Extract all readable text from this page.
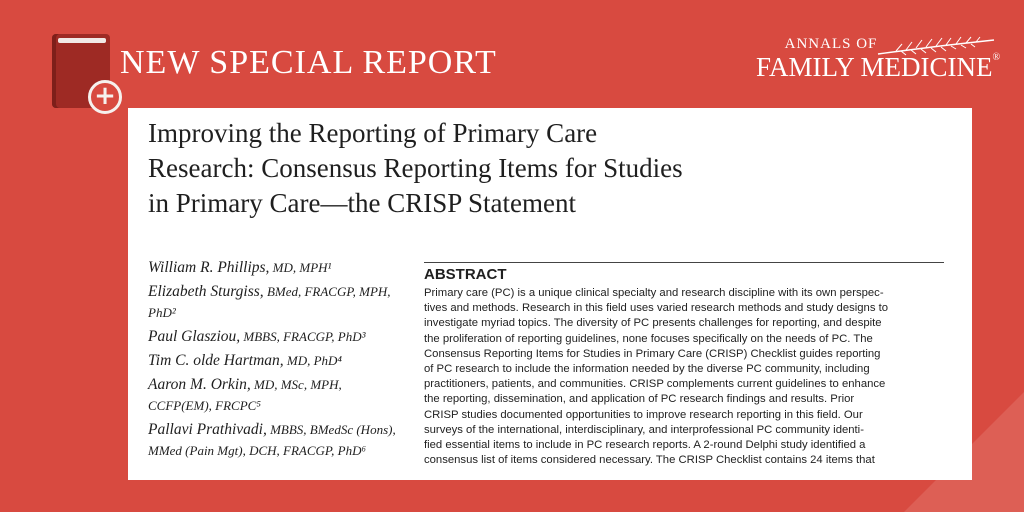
+
NEW SPECIAL REPORT	ANNALS OF
FAMILY MEDICINE®
Improving the Reporting of Primary Care
Research: Consensus Reporting Items for Studies
in Primary Care—the CRISP Statement
William R. Phillips, MD, MPH¹
Elizabeth Sturgiss, BMed, FRACGP, MPH, PhD²
Paul Glasziou, MBBS, FRACGP, PhD³
Tim C. olde Hartman, MD, PhD⁴
Aaron M. Orkin, MD, MSc, MPH, CCFP(EM), FRCPC⁵
Pallavi Prathivadi, MBBS, BMedSc (Hons), MMed (Pain Mgt), DCH, FRACGP, PhD⁶
ABSTRACT
Primary care (PC) is a unique clinical specialty and research discipline with its own perspec-
tives and methods. Research in this field uses varied research methods and study designs to
investigate myriad topics. The diversity of PC presents challenges for reporting, and despite
the proliferation of reporting guidelines, none focuses specifically on the needs of PC. The
Consensus Reporting Items for Studies in Primary Care (CRISP) Checklist guides reporting
of PC research to include the information needed by the diverse PC community, including
practitioners, patients, and communities. CRISP complements current guidelines to enhance
the reporting, dissemination, and application of PC research findings and results. Prior
CRISP studies documented opportunities to improve research reporting in this field. Our
surveys of the international, interdisciplinary, and interprofessional PC community identi-
fied essential items to include in PC research reports. A 2-round Delphi study identified a
consensus list of items considered necessary. The CRISP Checklist contains 24 items that
